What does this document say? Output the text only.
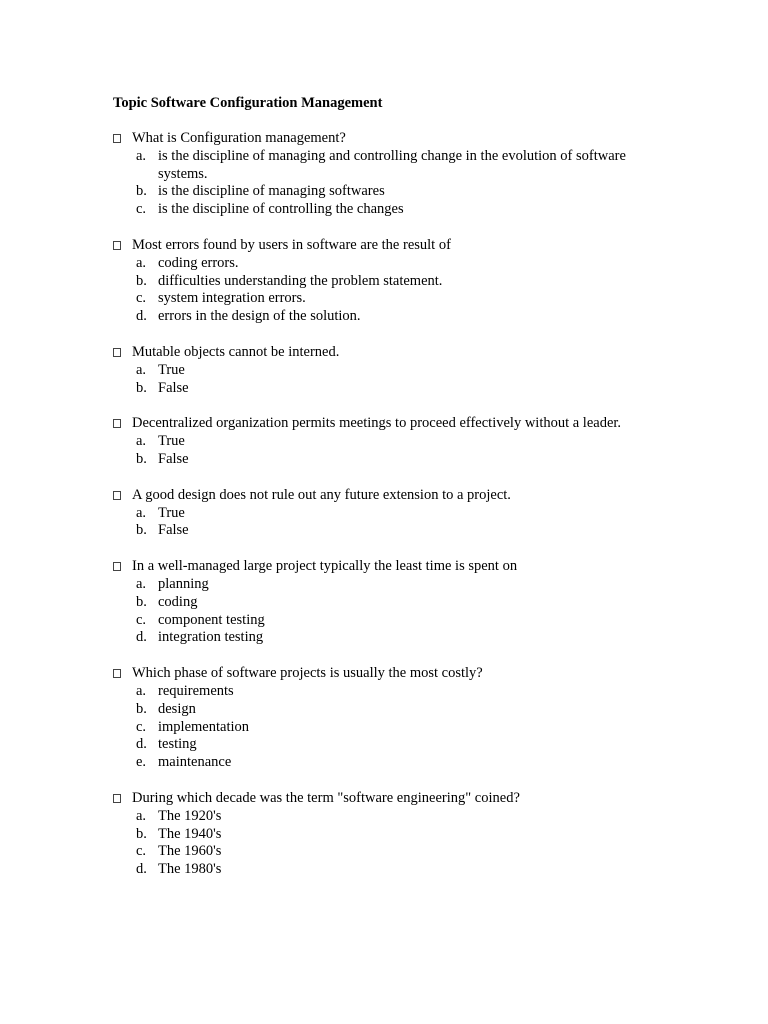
Topic Software Configuration Management
What is Configuration management?
a. is the discipline of managing and controlling change in the evolution of software systems.
b. is the discipline of managing softwares
c. is the discipline of controlling the changes
Most errors found by users in software are the result of
a. coding errors.
b. difficulties understanding the problem statement.
c. system integration errors.
d. errors in the design of the solution.
Mutable objects cannot be interned.
a. True
b. False
Decentralized organization permits meetings to proceed effectively without a leader.
a. True
b. False
A good design does not rule out any future extension to a project.
a. True
b. False
In a well-managed large project typically the least time is spent on
a. planning
b. coding
c. component testing
d. integration testing
Which phase of software projects is usually the most costly?
a. requirements
b. design
c. implementation
d. testing
e. maintenance
During which decade was the term "software engineering" coined?
a. The 1920's
b. The 1940's
c. The 1960's
d. The 1980's
